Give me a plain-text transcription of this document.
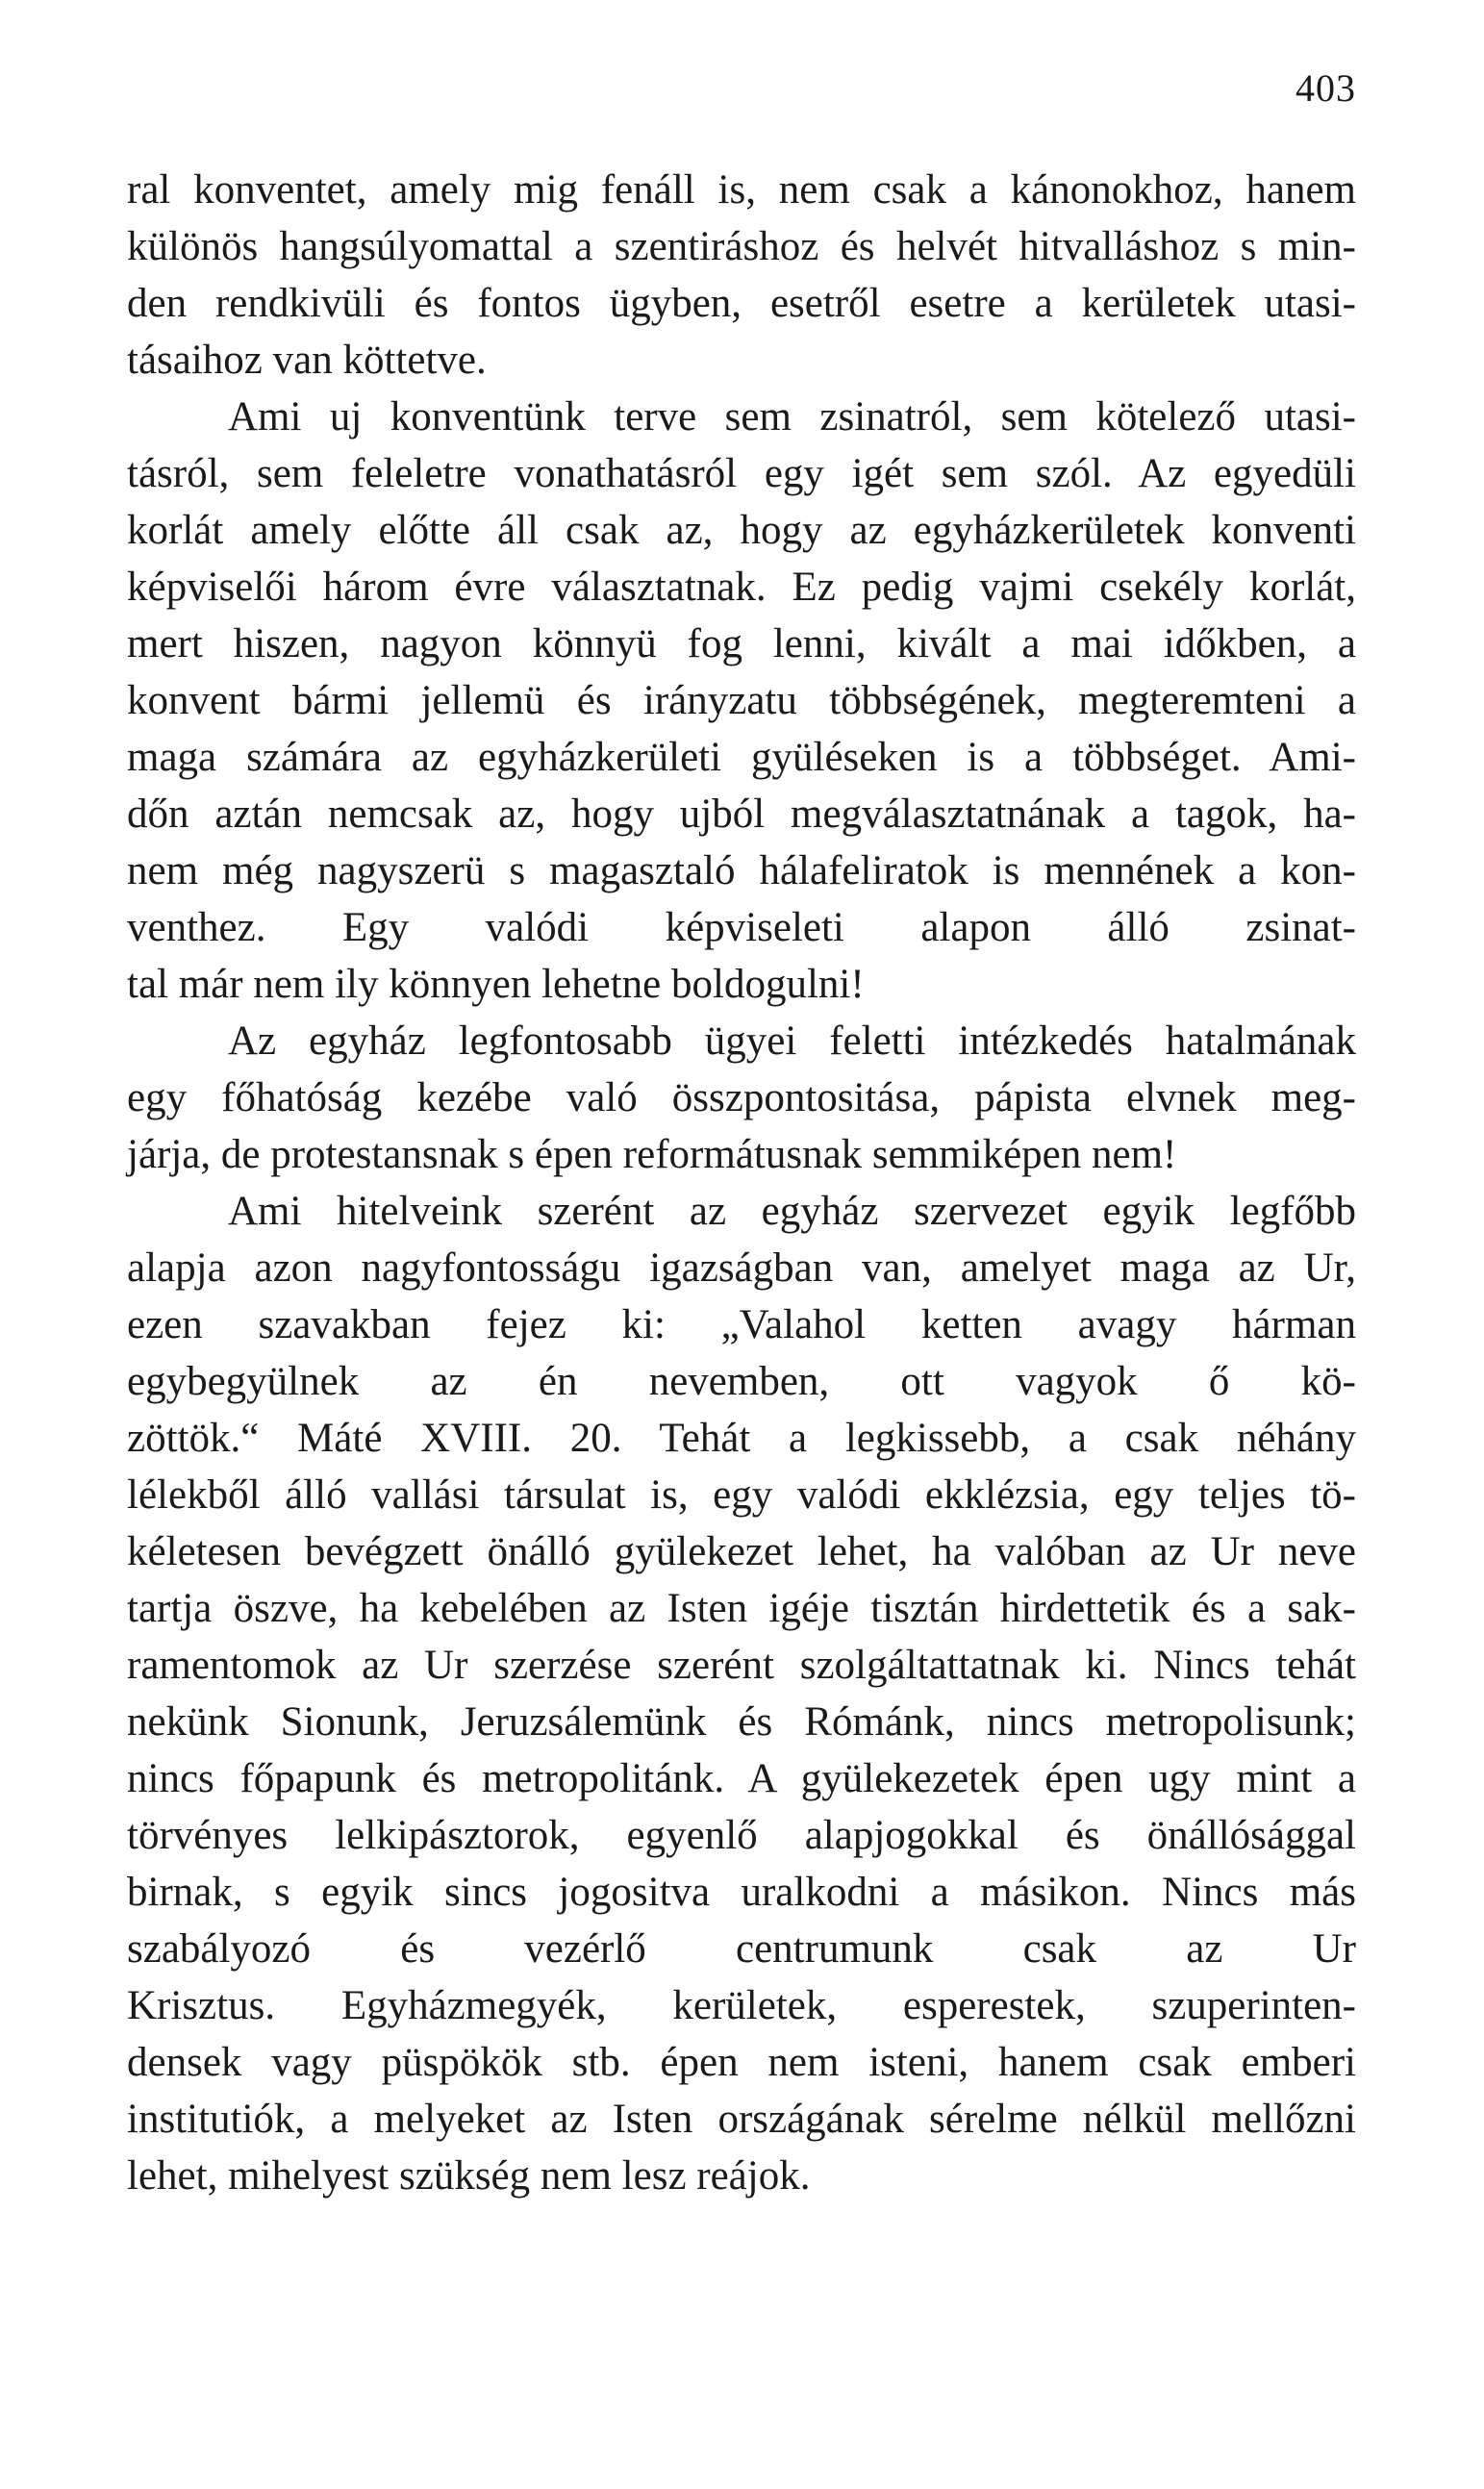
403
ral konventet, amely mig fenáll is, nem csak a kánonokhoz, hanem
különös hangsúlyomattal a szentiráshoz és helvét hitvalláshoz s min-
den rendkivüli és fontos ügyben, esetről esetre a kerületek utasi-
tásaihoz van köttetve.
Ami uj konventünk terve sem zsinatról, sem kötelező utasi-
tásról, sem feleletre vonathatásról egy igét sem szól. Az egyedüli
korlát amely előtte áll csak az, hogy az egyházkerületek konventi
képviselői három évre választatnak. Ez pedig vajmi csekély korlát,
mert hiszen, nagyon könnyü fog lenni, kivált a mai időkben, a
konvent bármi jellemü és irányzatu többségének, megteremteni a
maga számára az egyházkerületi gyüléseken is a többséget. Ami-
dőn aztán nemcsak az, hogy ujból megválasztatnának a tagok, ha-
nem még nagyszerü s magasztaló hálafeliratok is mennének a kon-
venthez. Egy valódi képviseleti alapon álló zsinat-
tal már nem ily könnyen lehetne boldogulni!
Az egyház legfontosabb ügyei feletti intézkedés hatalmának
egy főhatóság kezébe való összpontositása, pápista elvnek meg-
járja, de protestansnak s épen reformátusnak semmiképen nem!
Ami hitelveink szerént az egyház szervezet egyik legfőbb
alapja azon nagyfontosságu igazságban van, amelyet maga az Ur,
ezen szavakban fejez ki: „Valahol ketten avagy hárman
egybegyülnek az én nevemben, ott vagyok ő kö-
zöttök.“ Máté XVIII. 20. Tehát a legkissebb, a csak néhány
lélekből álló vallási társulat is, egy valódi ekklézsia, egy teljes tö-
kéletesen bevégzett önálló gyülekezet lehet, ha valóban az Ur neve
tartja öszve, ha kebelében az Isten igéje tisztán hirdettetik és a sak-
ramentomok az Ur szerzése szerént szolgáltattatnak ki. Nincs tehát
nekünk Sionunk, Jeruzsálemünk és Rómánk, nincs metropolisunk;
nincs főpapunk és metropolitánk. A gyülekezetek épen ugy mint a
törvényes lelkipásztorok, egyenlő alapjogokkal és önállósággal
birnak, s egyik sincs jogositva uralkodni a másikon. Nincs más
szabályozó és vezérlő centrumunk csak az Ur
Krisztus. Egyházmegyék, kerületek, esperestek, szuperinten-
densek vagy püspökök stb. épen nem isteni, hanem csak emberi
institutiók, a melyeket az Isten országának sérelme nélkül mellőzni
lehet, mihelyest szükség nem lesz reájok.
